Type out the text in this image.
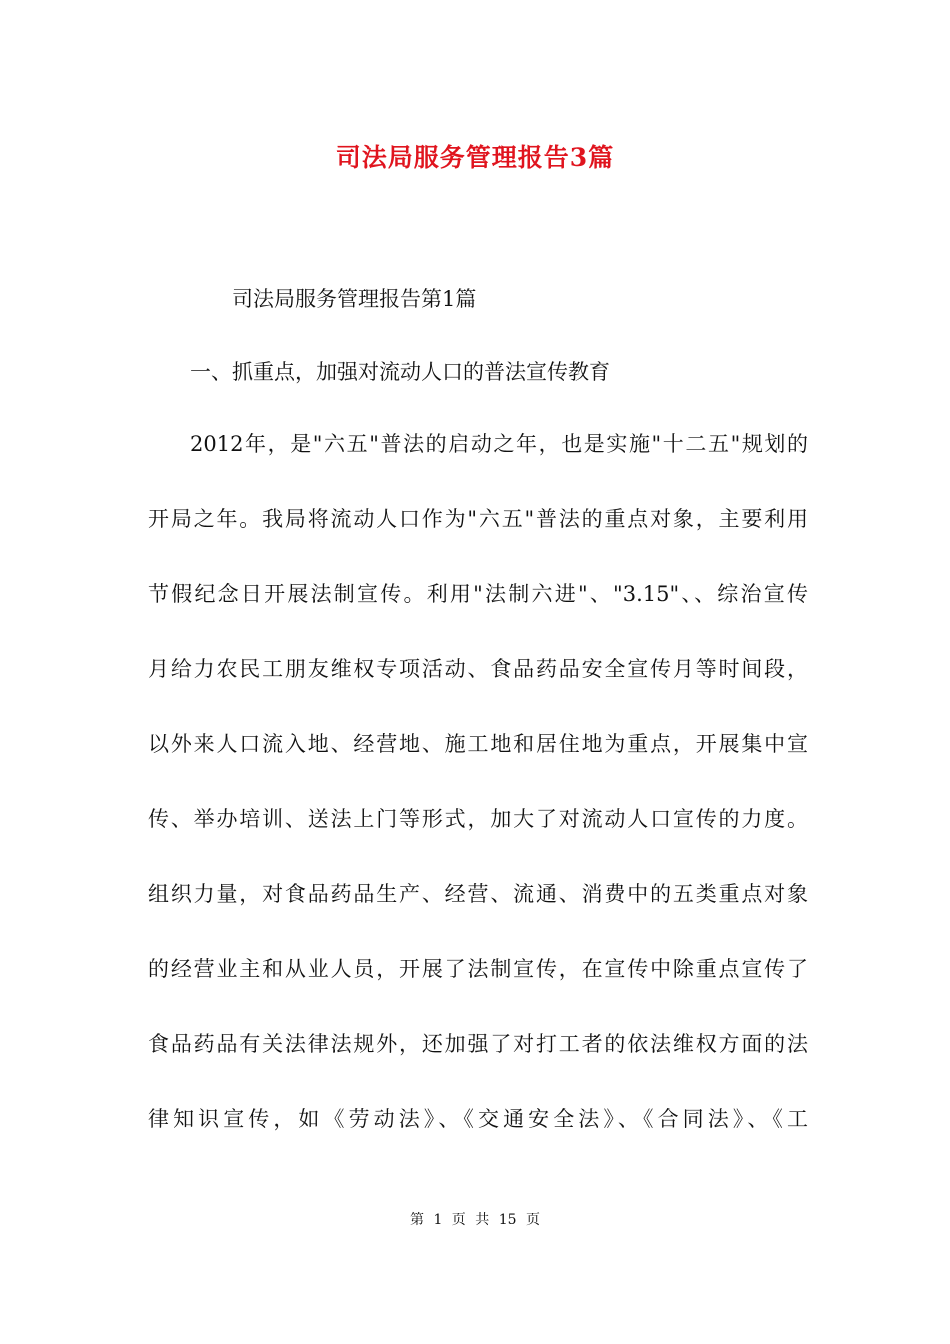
司法局服务管理报告3篇
司法局服务管理报告第1篇
一、抓重点，加强对流动人口的普法宣传教育
2012年，是"六五"普法的启动之年，也是实施"十二五"规划的
开局之年。我局将流动人口作为"六五"普法的重点对象，主要利用
节假纪念日开展法制宣传。利用"法制六进"、"3.15"、、综治宣传
月给力农民工朋友维权专项活动、食品药品安全宣传月等时间段，
以外来人口流入地、经营地、施工地和居住地为重点，开展集中宣
传、举办培训、送法上门等形式，加大了对流动人口宣传的力度。
组织力量，对食品药品生产、经营、流通、消费中的五类重点对象
的经营业主和从业人员，开展了法制宣传，在宣传中除重点宣传了
食品药品有关法律法规外，还加强了对打工者的依法维权方面的法
律知识宣传，如《劳动法》、《交通安全法》、《合同法》、《工
第 1 页 共 15 页
